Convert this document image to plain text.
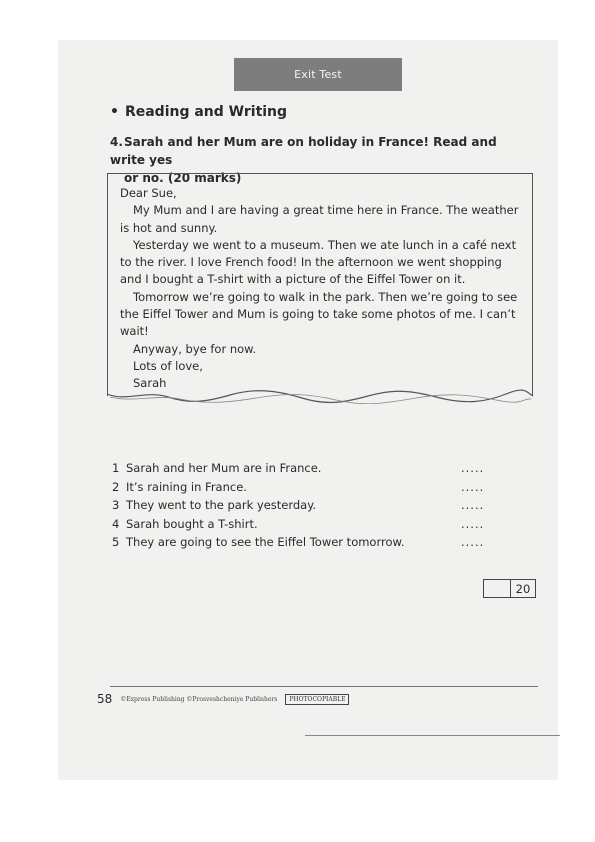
Exit Test
• Reading and Writing
4.Sarah and her Mum are on holiday in France! Read and write yes
or no. (20 marks)

Dear Sue,

My Mum and I are having a great time here in France. The weather

is hot and sunny.

Yesterday we went to a museum. Then we ate lunch in a café next

to the river. I love French food! In the afternoon we went shopping

and I bought a T-shirt with a picture of the Eiffel Tower on it.

Tomorrow we’re going to walk in the park. Then we’re going to see

the Eiffel Tower and Mum is going to take some photos of me. I can’t

wait!

Anyway, bye for now.

Lots of love,

Sarah

1 Sarah and her Mum are in France.	.....
2 It’s raining in France.	.....
3 They went to the park yesterday.	.....
4 Sarah bought a T-shirt.	.....
5 They are going to see the Eiffel Tower tomorrow.	.....
20
58 ©Express Publishing ©Prosveshcheniye Publishers	PHOTOCOPIABLE
